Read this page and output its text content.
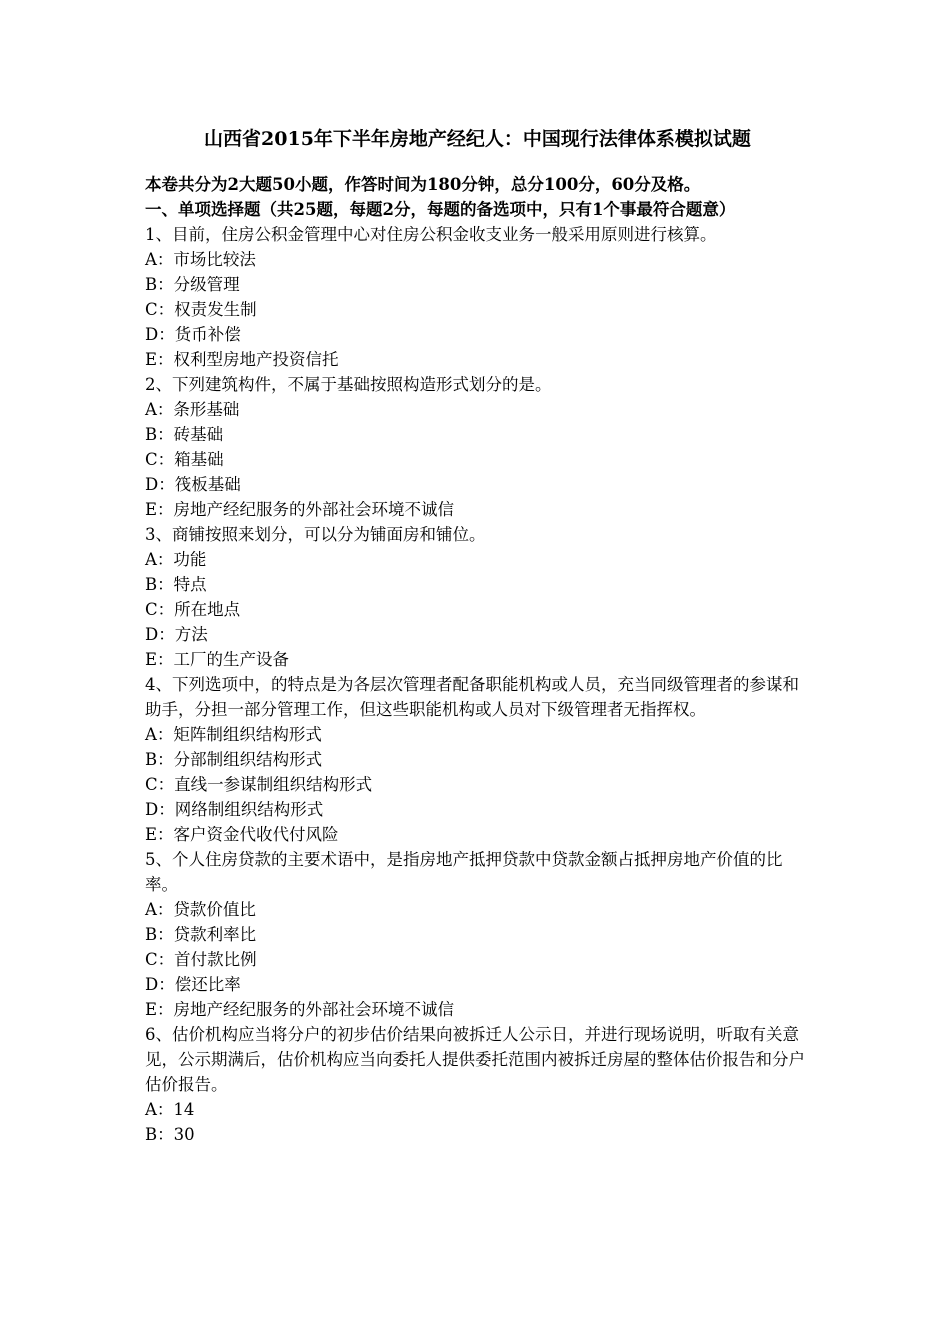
山西省2015年下半年房地产经纪人：中国现行法律体系模拟试题
本卷共分为2大题50小题，作答时间为180分钟，总分100分，60分及格。
一、单项选择题（共25题，每题2分，每题的备选项中，只有1个事最符合题意）
1、目前，住房公积金管理中心对住房公积金收支业务一般采用原则进行核算。
A：市场比较法
B：分级管理
C：权责发生制
D：货币补偿
E：权利型房地产投资信托
2、下列建筑构件，不属于基础按照构造形式划分的是。
A：条形基础
B：砖基础
C：箱基础
D：筏板基础
E：房地产经纪服务的外部社会环境不诚信
3、商铺按照来划分，可以分为铺面房和铺位。
A：功能
B：特点
C：所在地点
D：方法
E：工厂的生产设备
4、下列选项中，的特点是为各层次管理者配备职能机构或人员，充当同级管理者的参谋和助手，分担一部分管理工作，但这些职能机构或人员对下级管理者无指挥权。
A：矩阵制组织结构形式
B：分部制组织结构形式
C：直线一参谋制组织结构形式
D：网络制组织结构形式
E：客户资金代收代付风险
5、个人住房贷款的主要术语中，是指房地产抵押贷款中贷款金额占抵押房地产价值的比率。
A：贷款价值比
B：贷款利率比
C：首付款比例
D：偿还比率
E：房地产经纪服务的外部社会环境不诚信
6、估价机构应当将分户的初步估价结果向被拆迁人公示日，并进行现场说明，听取有关意见，公示期满后，估价机构应当向委托人提供委托范围内被拆迁房屋的整体估价报告和分户估价报告。
A：14
B：30
